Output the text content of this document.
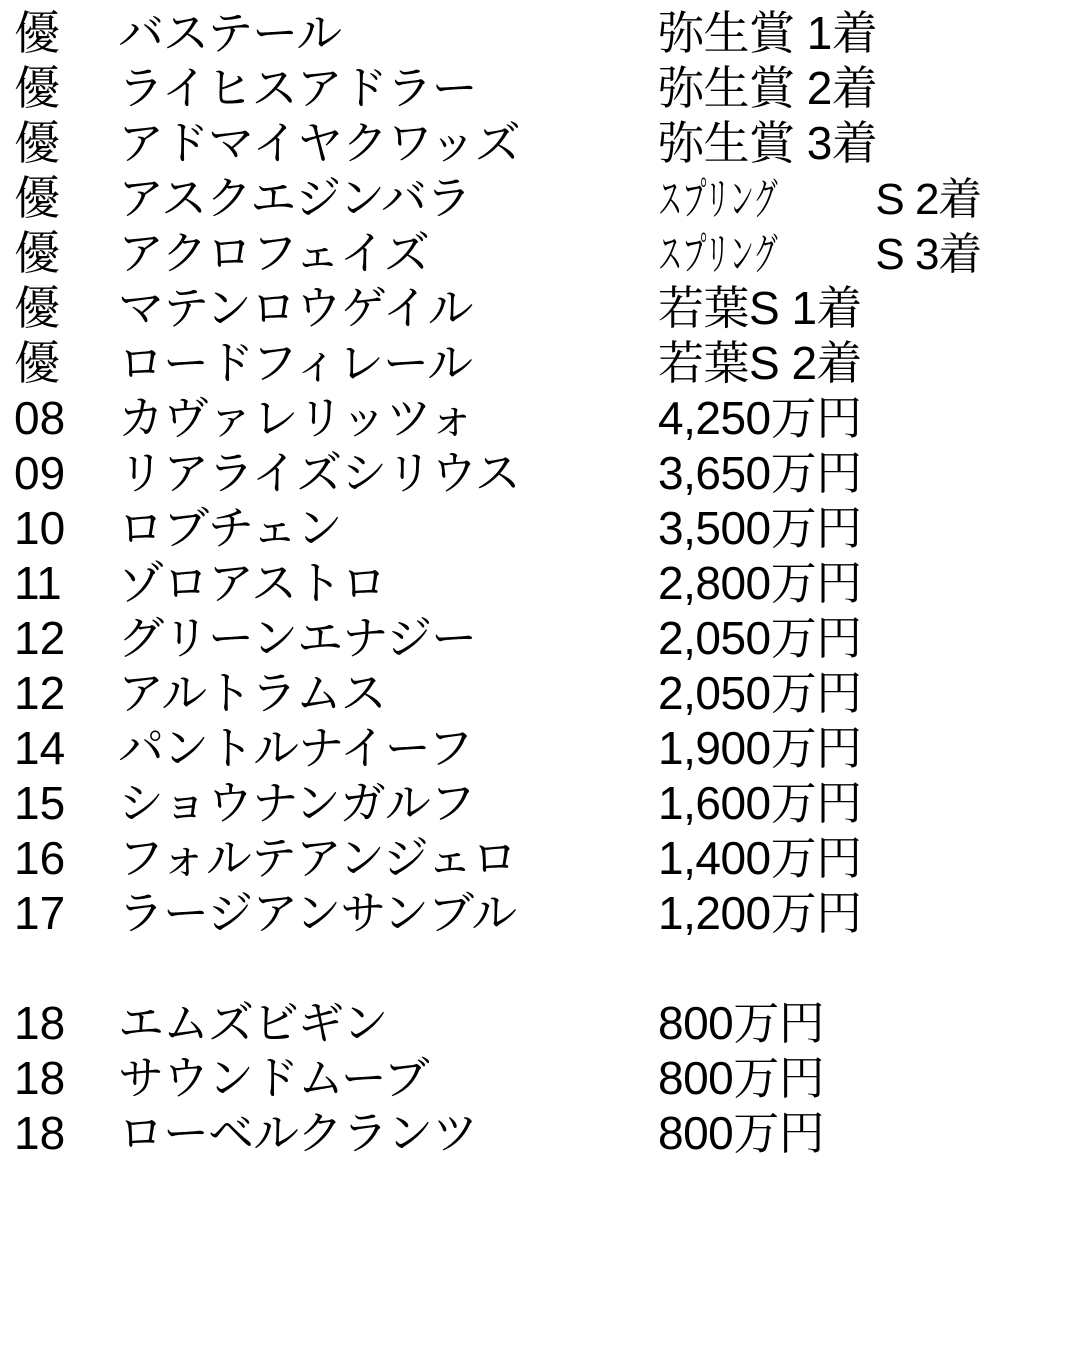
優	バステール	弥生賞 1着
優	ライヒスアドラー	弥生賞 2着
優	アドマイヤクワッズ	弥生賞 3着
優	アスクエジンバラ	スプリング S 2着
優	アクロフェイズ	スプリング S 3着
優	マテンロウゲイル	若葉S 1着
優	ロードフィレール	若葉S 2着
08	カヴァレリッツォ	4,250万円
09	リアライズシリウス	3,650万円
10	ロブチェン	3,500万円
11	ゾロアストロ	2,800万円
12	グリーンエナジー	2,050万円
12	アルトラムス	2,050万円
14	パントルナイーフ	1,900万円
15	ショウナンガルフ	1,600万円
16	フォルテアンジェロ	1,400万円
17	ラージアンサンブル	1,200万円
18	エムズビギン	800万円
18	サウンドムーブ	800万円
18	ローベルクランツ	800万円
